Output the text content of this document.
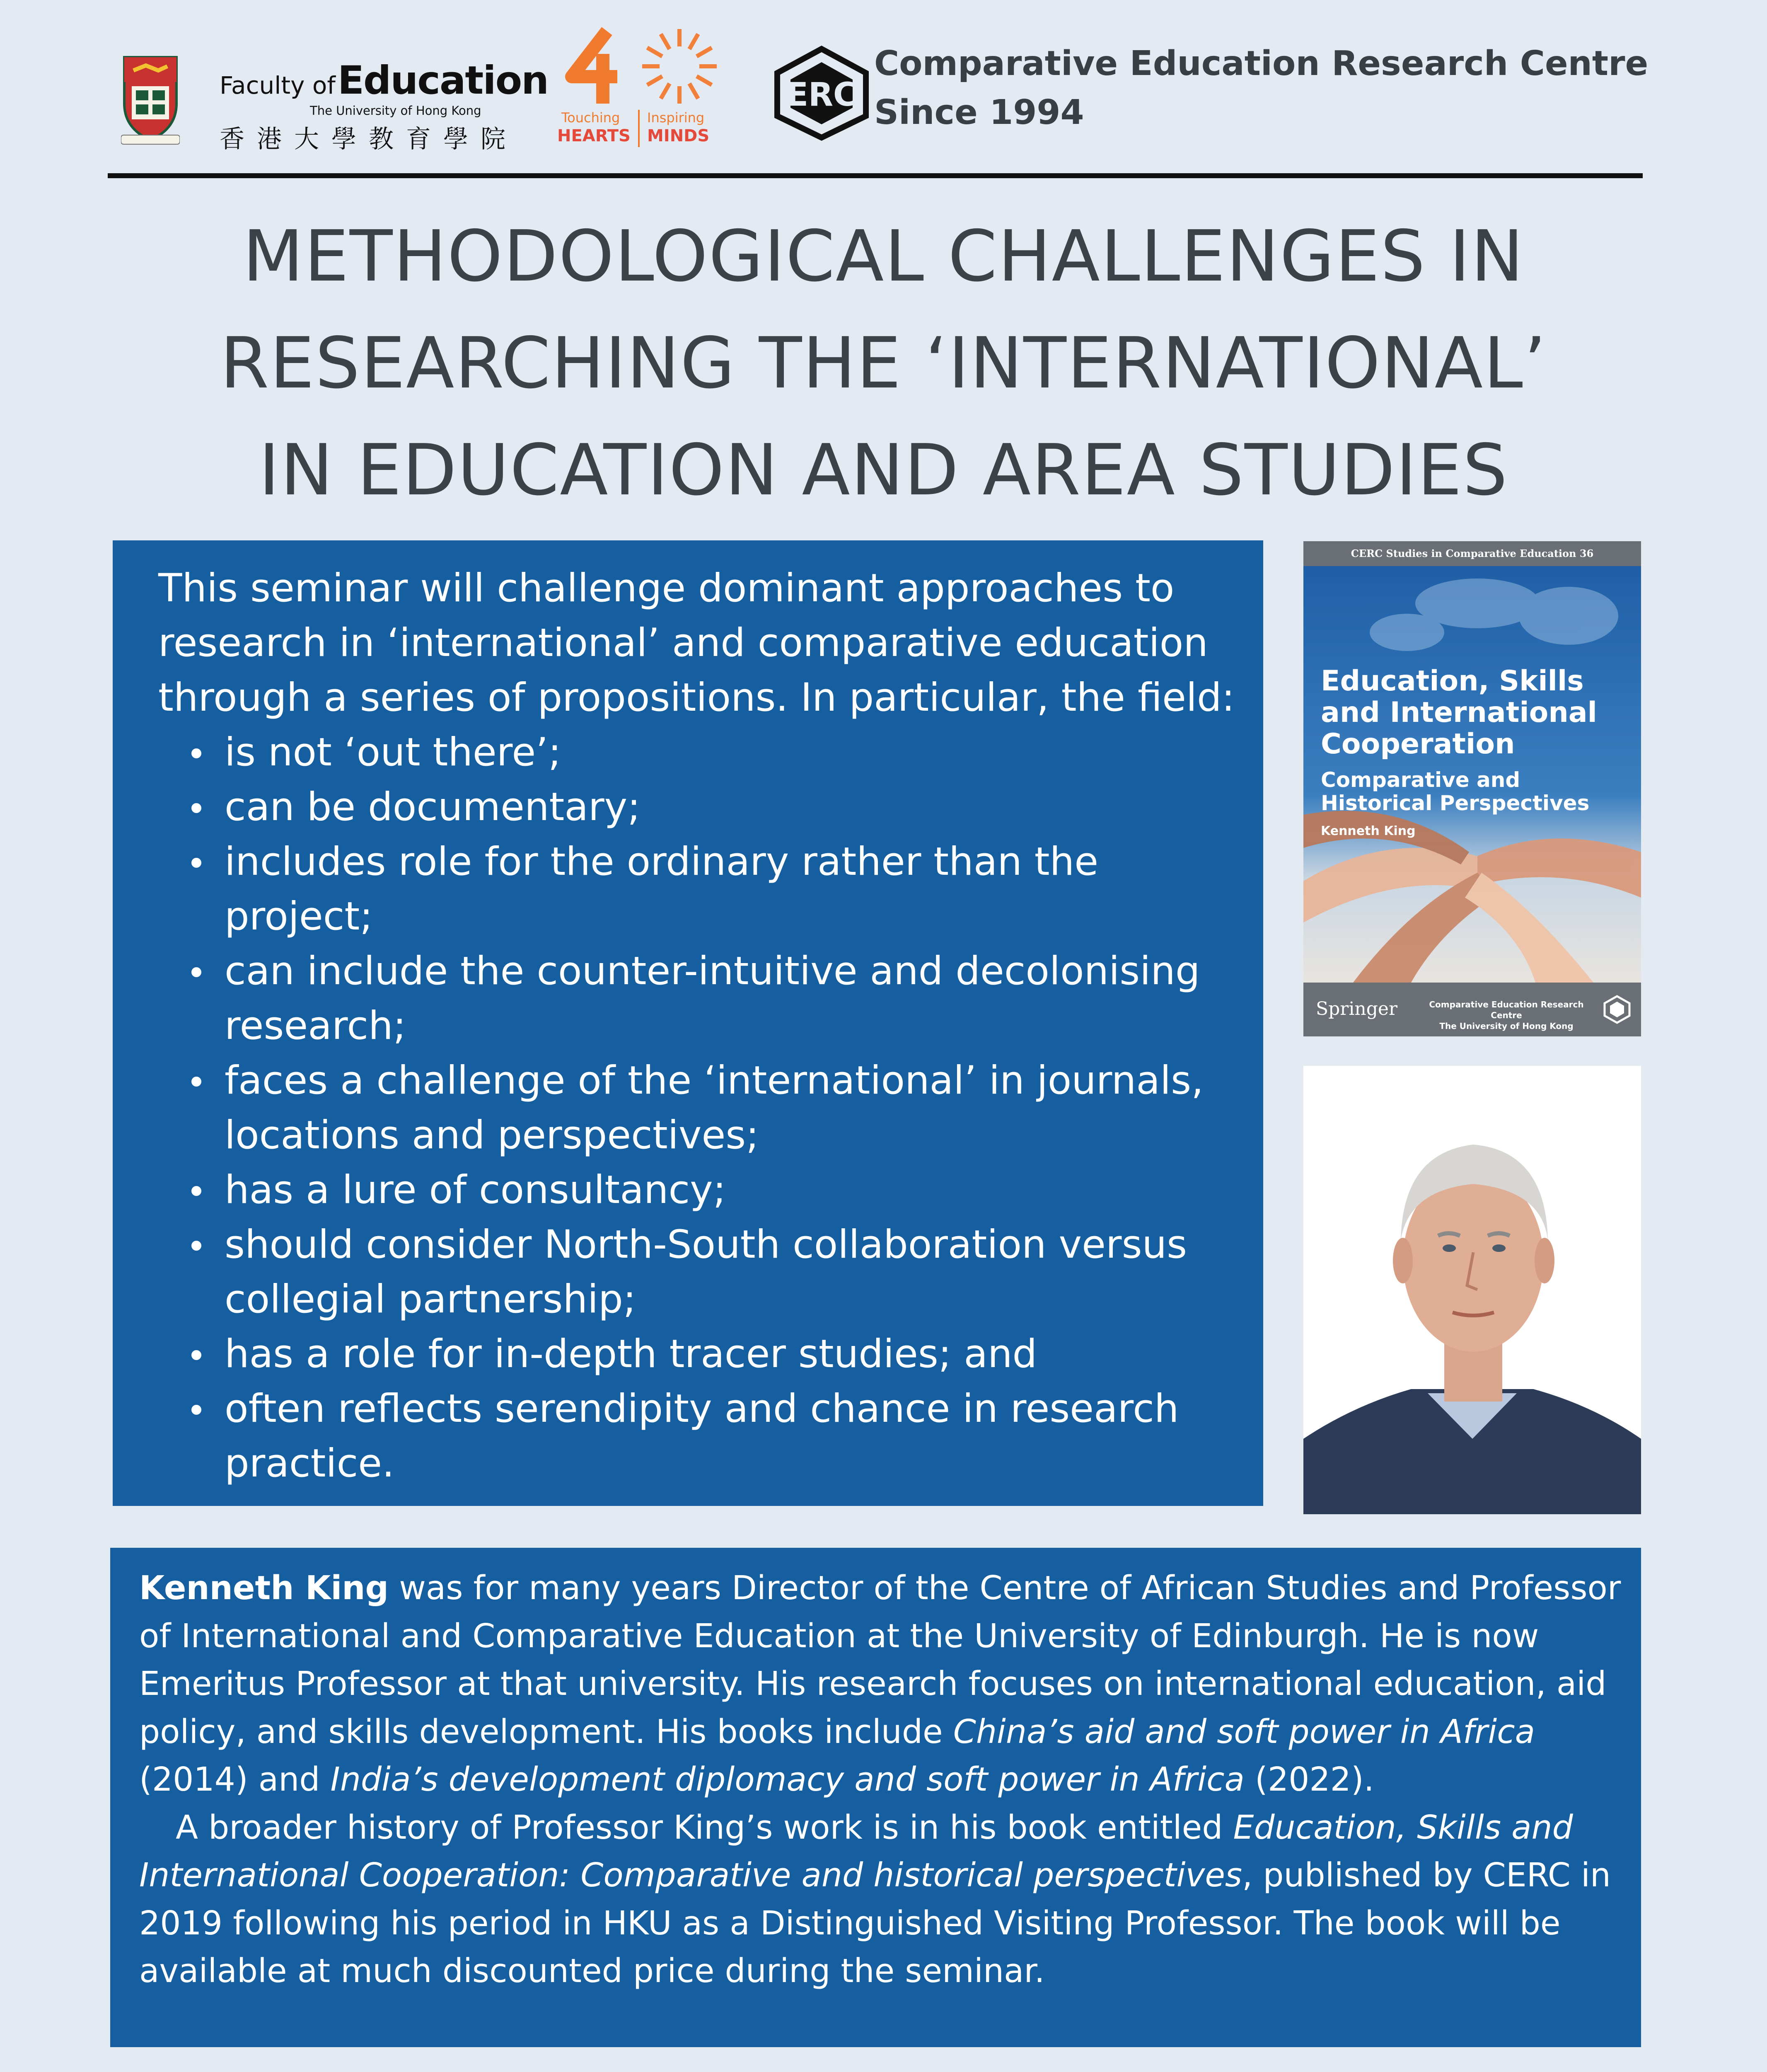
Faculty of Education
The University of Hong Kong
香港大學教育學院
Touching
HEARTS
Inspiring
MINDS
ERC
Comparative Education Research Centre
Since 1994
METHODOLOGICAL CHALLENGES IN
RESEARCHING THE ‘INTERNATIONAL’
IN EDUCATION AND AREA STUDIES
This seminar will challenge dominant approaches to research in ‘international’ and comparative education through a series of propositions. In particular, the field:
is not ‘out there’;
can be documentary;
includes role for the ordinary rather than the project;
can include the counter-intuitive and decolonising research;
faces a challenge of the ‘international’ in journals, locations and perspectives;
has a lure of consultancy;
should consider North-South collaboration versus collegial partnership;
has a role for in-depth tracer studies; and
often reflects serendipity and chance in research practice.
CERC Studies in Comparative Education 36
Education, Skills
and International
Cooperation
Comparative and
Historical Perspectives
Kenneth King
Springer	Comparative Education Research Centre
The University of Hong Kong

Kenneth King was for many years Director of the Centre of African Studies and Professor of International and Comparative Education at the University of Edinburgh. He is now Emeritus Professor at that university. His research focuses on international education, aid policy, and skills development. His books include China’s aid and soft power in Africa (2014) and India’s development diplomacy and soft power in Africa (2022).

A broader history of Professor King’s work is in his book entitled Education, Skills and International Cooperation: Comparative and historical perspectives, published by CERC in 2019 following his period in HKU as a Distinguished Visiting Professor. The book will be available at much discounted price during the seminar.
